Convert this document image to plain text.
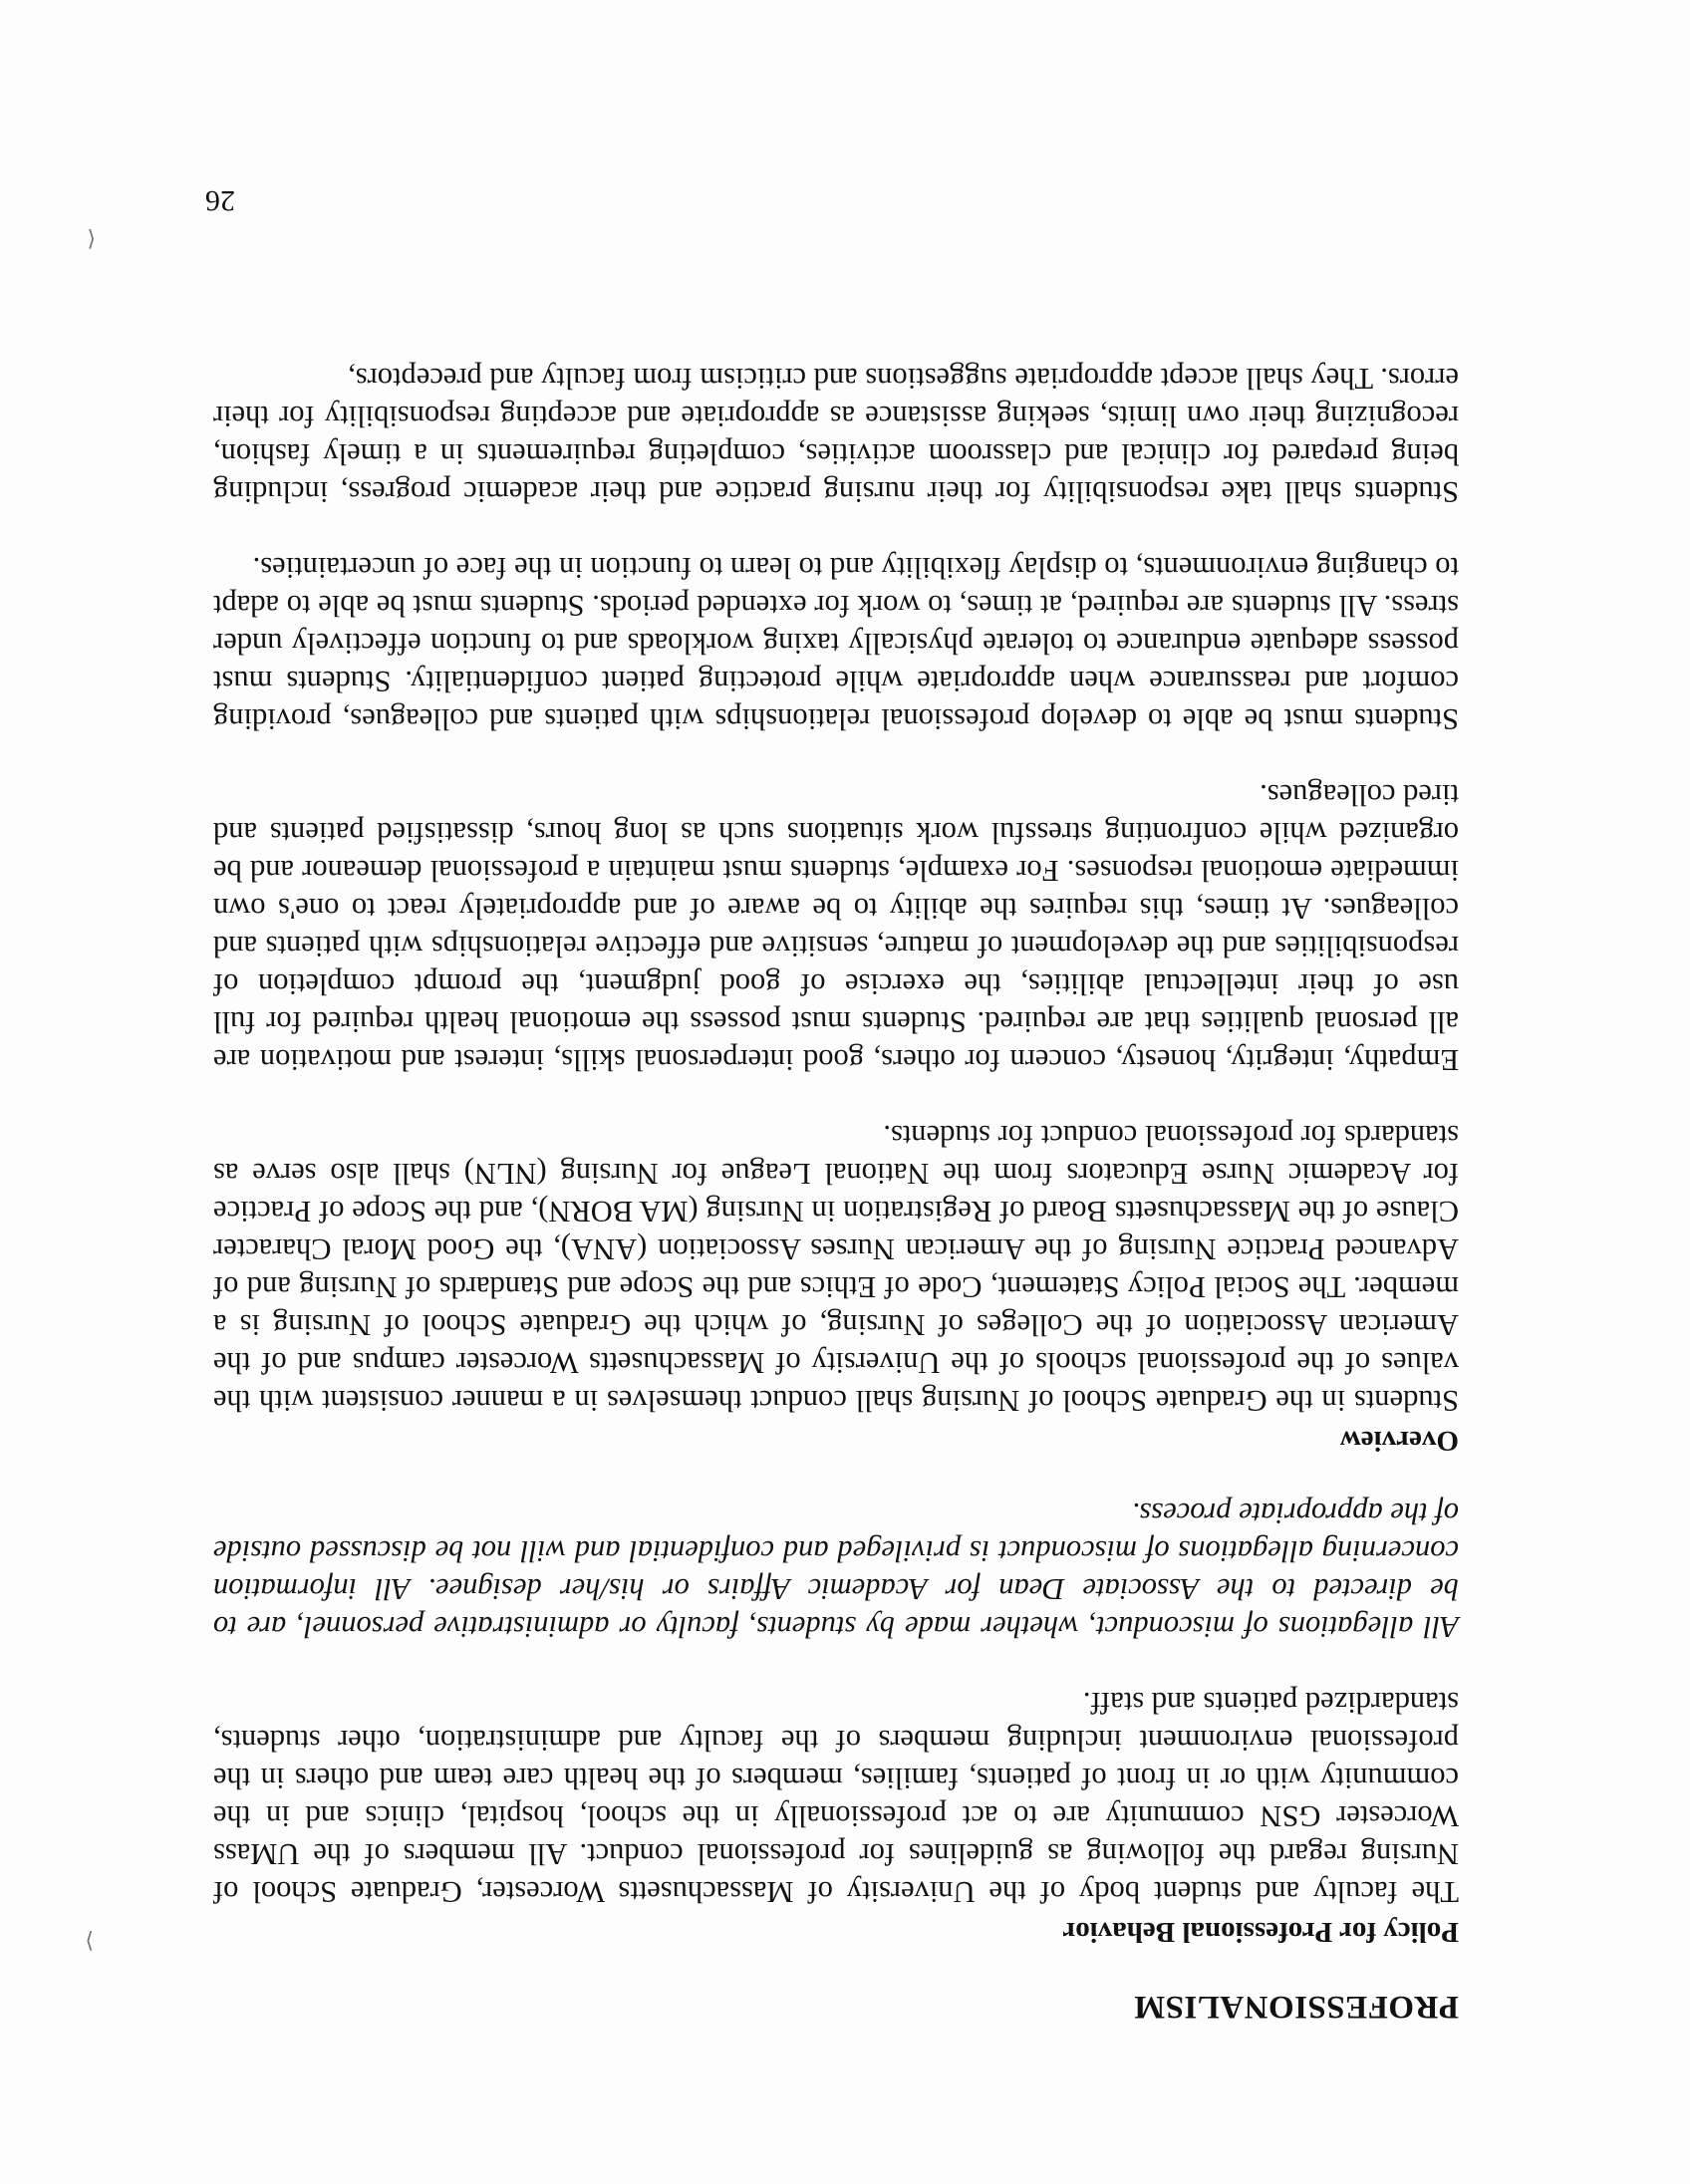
PROFESSIONALISM
Policy for Professional Behavior

The faculty and student body of the University of Massachusetts Worcester, Graduate School of Nursing regard the following as guidelines for professional conduct. All members of the UMass Worcester GSN community are to act professionally in the school, hospital, clinics and in the community with or in front of patients, families, members of the health care team and others in the professional environment including members of the faculty and administration, other students, standardized patients and staff.

All allegations of misconduct, whether made by students, faculty or administrative personnel, are to be directed to the Associate Dean for Academic Affairs or his/her designee. All information concerning allegations of misconduct is privileged and confidential and will not be discussed outside of the appropriate process.

Overview

Students in the Graduate School of Nursing shall conduct themselves in a manner consistent with the values of the professional schools of the University of Massachusetts Worcester campus and of the American Association of the Colleges of Nursing, of which the Graduate School of Nursing is a member. The Social Policy Statement, Code of Ethics and the Scope and Standards of Nursing and of Advanced Practice Nursing of the American Nurses Association (ANA), the Good Moral Character Clause of the Massachusetts Board of Registration in Nursing (MA BORN), and the Scope of Practice for Academic Nurse Educators from the National League for Nursing (NLN) shall also serve as standards for professional conduct for students.

Empathy, integrity, honesty, concern for others, good interpersonal skills, interest and motivation are all personal qualities that are required. Students must possess the emotional health required for full use of their intellectual abilities, the exercise of good judgment, the prompt completion of responsibilities and the development of mature, sensitive and effective relationships with patients and colleagues. At times, this requires the ability to be aware of and appropriately react to one's own immediate emotional responses. For example, students must maintain a professional demeanor and be organized while confronting stressful work situations such as long hours, dissatisfied patients and tired colleagues.

Students must be able to develop professional relationships with patients and colleagues, providing comfort and reassurance when appropriate while protecting patient confidentiality. Students must possess adequate endurance to tolerate physically taxing workloads and to function effectively under stress. All students are required, at times, to work for extended periods. Students must be able to adapt to changing environments, to display flexibility and to learn to function in the face of uncertainties.

Students shall take responsibility for their nursing practice and their academic progress, including being prepared for clinical and classroom activities, completing requirements in a timely fashion, recognizing their own limits, seeking assistance as appropriate and accepting responsibility for their errors. They shall accept appropriate suggestions and criticism from faculty and preceptors,

26
⟩
⟨
